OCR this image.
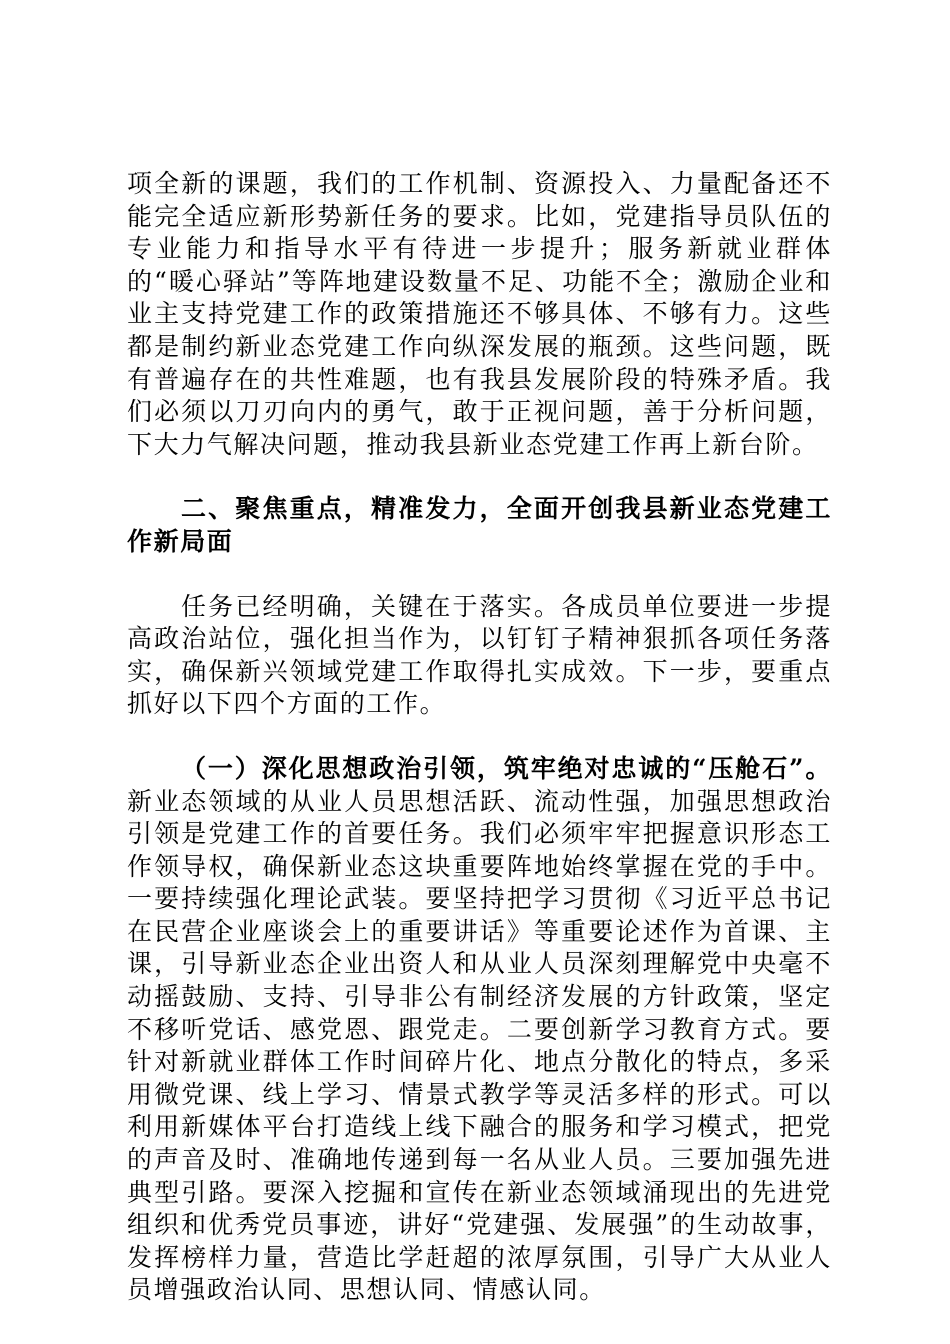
项全新的课题，我们的工作机制、资源投入、力量配备还不能完全适应新形势新任务的要求。比如，党建指导员队伍的专业能力和指导水平有待进一步提升；服务新就业群体的“暖心驿站”等阵地建设数量不足、功能不全；激励企业和业主支持党建工作的政策措施还不够具体、不够有力。这些都是制约新业态党建工作向纵深发展的瓶颈。这些问题，既有普遍存在的共性难题，也有我县发展阶段的特殊矛盾。我们必须以刀刃向内的勇气，敢于正视问题，善于分析问题，下大力气解决问题，推动我县新业态党建工作再上新台阶。

二、聚焦重点，精准发力，全面开创我县新业态党建工作新局面

任务已经明确，关键在于落实。各成员单位要进一步提高政治站位，强化担当作为，以钉钉子精神狠抓各项任务落实，确保新兴领域党建工作取得扎实成效。下一步，要重点抓好以下四个方面的工作。

（一）深化思想政治引领，筑牢绝对忠诚的“压舱石”。新业态领域的从业人员思想活跃、流动性强，加强思想政治引领是党建工作的首要任务。我们必须牢牢把握意识形态工作领导权，确保新业态这块重要阵地始终掌握在党的手中。一要持续强化理论武装。要坚持把学习贯彻《习近平总书记在民营企业座谈会上的重要讲话》等重要论述作为首课、主课，引导新业态企业出资人和从业人员深刻理解党中央毫不动摇鼓励、支持、引导非公有制经济发展的方针政策，坚定不移听党话、感党恩、跟党走。二要创新学习教育方式。要针对新就业群体工作时间碎片化、地点分散化的特点，多采用微党课、线上学习、情景式教学等灵活多样的形式。可以利用新媒体平台打造线上线下融合的服务和学习模式，把党的声音及时、准确地传递到每一名从业人员。三要加强先进典型引路。要深入挖掘和宣传在新业态领域涌现出的先进党组织和优秀党员事迹，讲好“党建强、发展强”的生动故事，发挥榜样力量，营造比学赶超的浓厚氛围，引导广大从业人员增强政治认同、思想认同、情感认同。
